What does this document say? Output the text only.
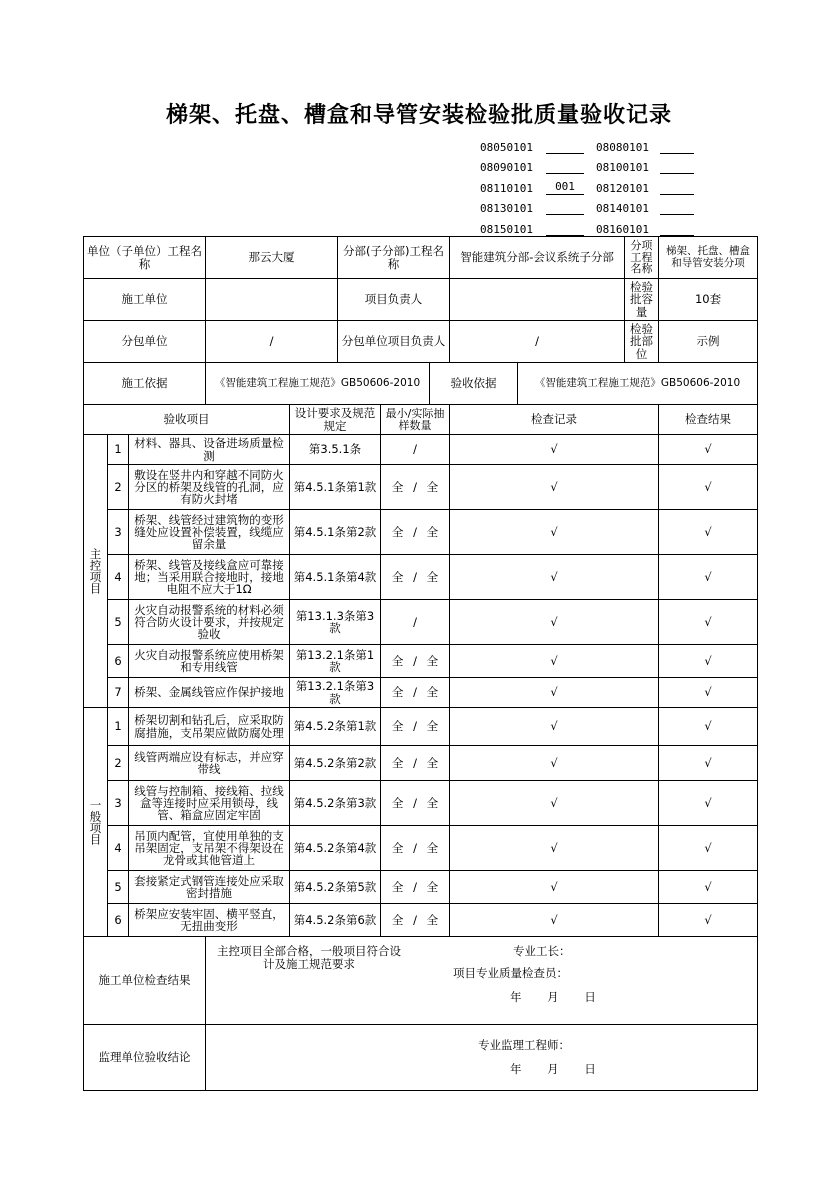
梯架、托盘、槽盒和导管安装检验批质量验收记录
08050101	08080101
08090101	08100101
08110101	001	08120101
08130101	08140101
08150101	08160101
单位（子单位）工程名称			那云大厦		分部(子分部)工程名称			智能建筑分部-会议系统子分部		分项工程名称	梯架、托盘、槽盒和导管安装分项
施工单位					项目负责人					检验批容量	10套
分包单位			/		分包单位项目负责人			/		检验批部位	示例
施工依据			《智能建筑工程施工规范》GB50606-2010				验收依据		《智能建筑工程施工规范》GB50606-2010		
验收项目				设计要求及规范规定		最小/实际抽样数量		检查记录			检查结果
主控项目	1	材料、器具、设备进场质量检测		第3.5.1条		/		√			√
	2	敷设在竖井内和穿越不同防火分区的桥架及线管的孔洞，应有防火封堵		第4.5.1条第1款		全 / 全		√			√
	3	桥架、线管经过建筑物的变形缝处应设置补偿装置，线缆应留余量		第4.5.1条第2款		全 / 全		√			√
	4	桥架、线管及接线盒应可靠接地；当采用联合接地时，接地电阻不应大于1Ω		第4.5.1条第4款		全 / 全		√			√
	5	火灾自动报警系统的材料必须符合防火设计要求，并按规定验收		第13.1.3条第3款		/		√			√
	6	火灾自动报警系统应使用桥架和专用线管		第13.2.1条第1款		全 / 全		√			√
	7	桥架、金属线管应作保护接地		第13.2.1条第3款		全 / 全		√			√
一般项目	1	桥架切割和钻孔后，应采取防腐措施，支吊架应做防腐处理		第4.5.2条第1款		全 / 全		√			√
	2	线管两端应设有标志，并应穿带线		第4.5.2条第2款		全 / 全		√			√
	3	线管与控制箱、接线箱、拉线盒等连接时应采用锁母，线管、箱盒应固定牢固		第4.5.2条第3款		全 / 全		√			√
	4	吊顶内配管，宜使用单独的支吊架固定，支吊架不得架设在龙骨或其他管道上		第4.5.2条第4款		全 / 全		√			√
	5	套接紧定式钢管连接处应采取密封措施		第4.5.2条第5款		全 / 全		√			√
	6	桥架应安装牢固、横平竖直，无扭曲变形		第4.5.2条第6款		全 / 全		√			√
施工单位检查结果			主控项目全部合格，一般项目符合设计及施工规范要求
专业工长：
项目专业质量检查员：
年 月 日								

监理单位验收结论			专业监理工程师：
年 月 日								
